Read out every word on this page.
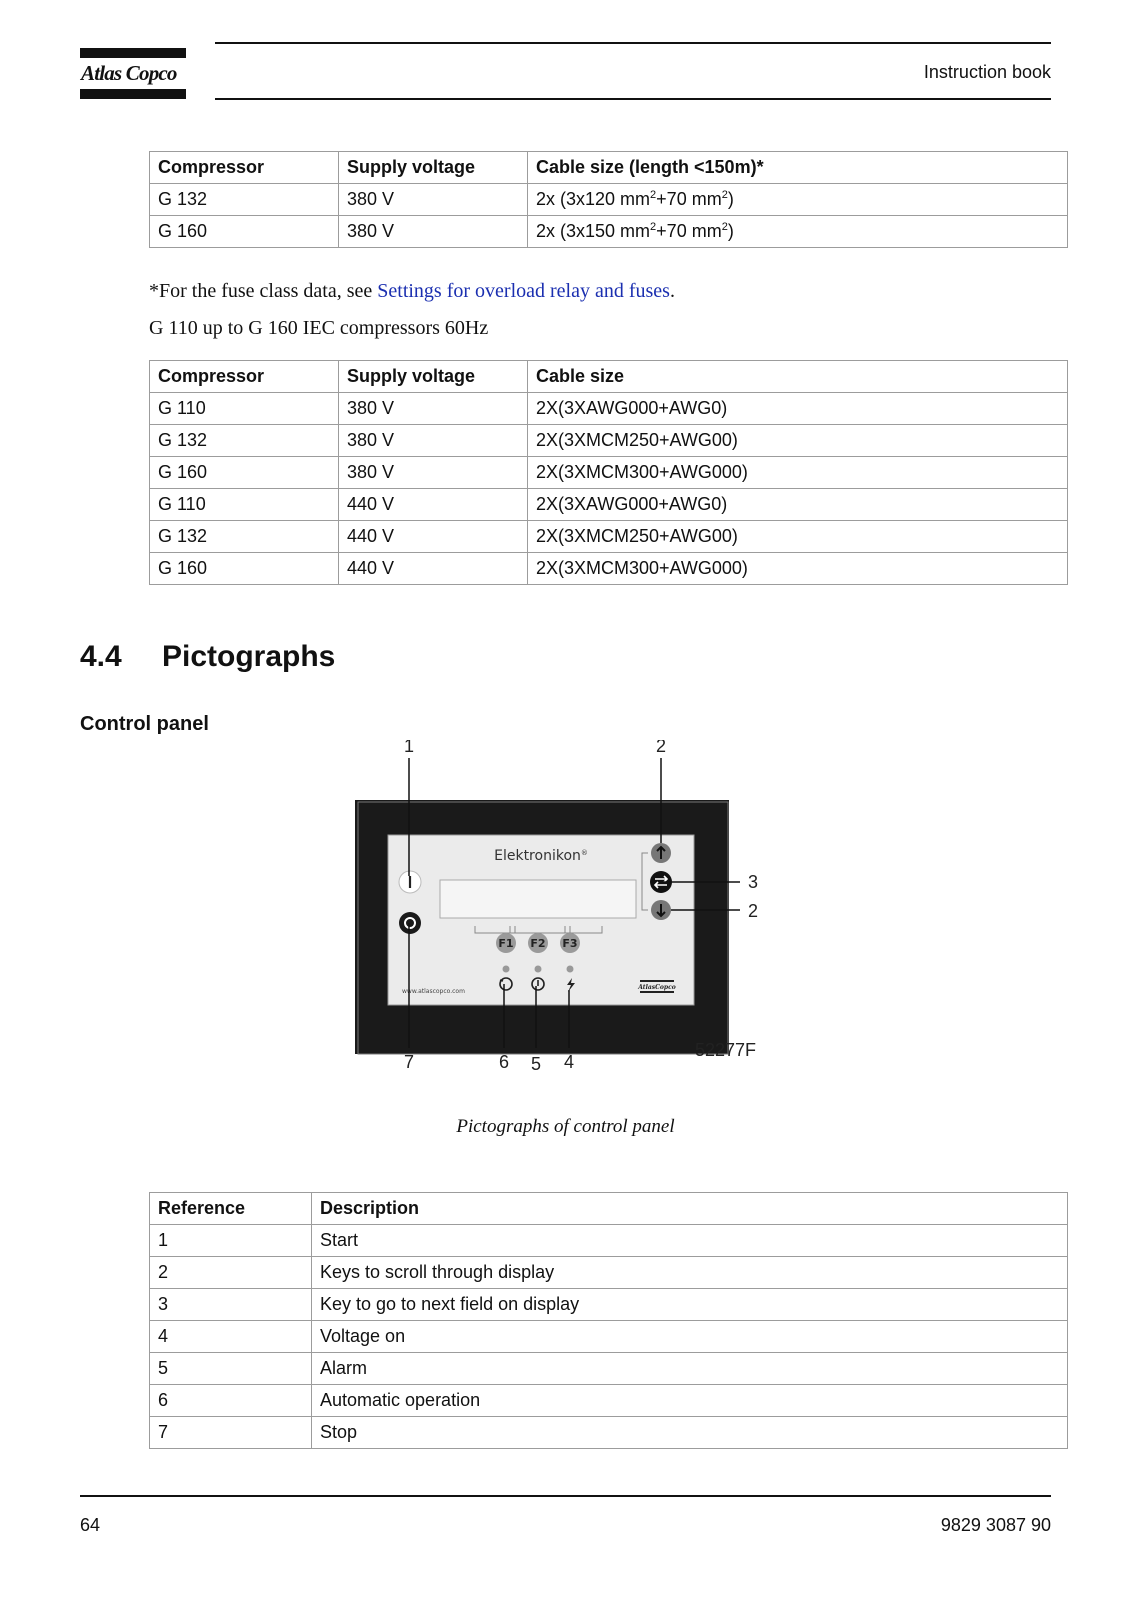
Atlas Copco	Instruction book
Compressor	Supply voltage	Cable size (length <150m)*
G 132	380 V	2x (3x120 $mm^2+70$ $mm^2$)
G 160	380 V	2x (3x150 $mm^2+70$ $mm^2$)
*For the fuse class data, see Settings for overload relay and fuses.
G 110 up to G 160 IEC compressors 60Hz
Compressor	Supply voltage	Cable size
G 110	380 V	2X(3XAWG000+AWG0)
G 132	380 V	2X(3XMCM250+AWG00)
G 160	380 V	2X(3XMCM300+AWG000)
G 110	440 V	2X(3XAWG000+AWG0)
G 132	440 V	2X(3XMCM250+AWG00)
G 160	440 V	2X(3XMCM300+AWG000)
4.4 Pictographs
Control panel
Elektronikon®
F1 F2 F3
www.atlascopco.com
AtlasCopco
1	2
3
2
7	6 5 4
52277F
Pictographs of control panel
Reference	Description
1	Start
2	Keys to scroll through display
3	Key to go to next field on display
4	Voltage on
5	Alarm
6	Automatic operation
7	Stop
64	9829 3087 90
